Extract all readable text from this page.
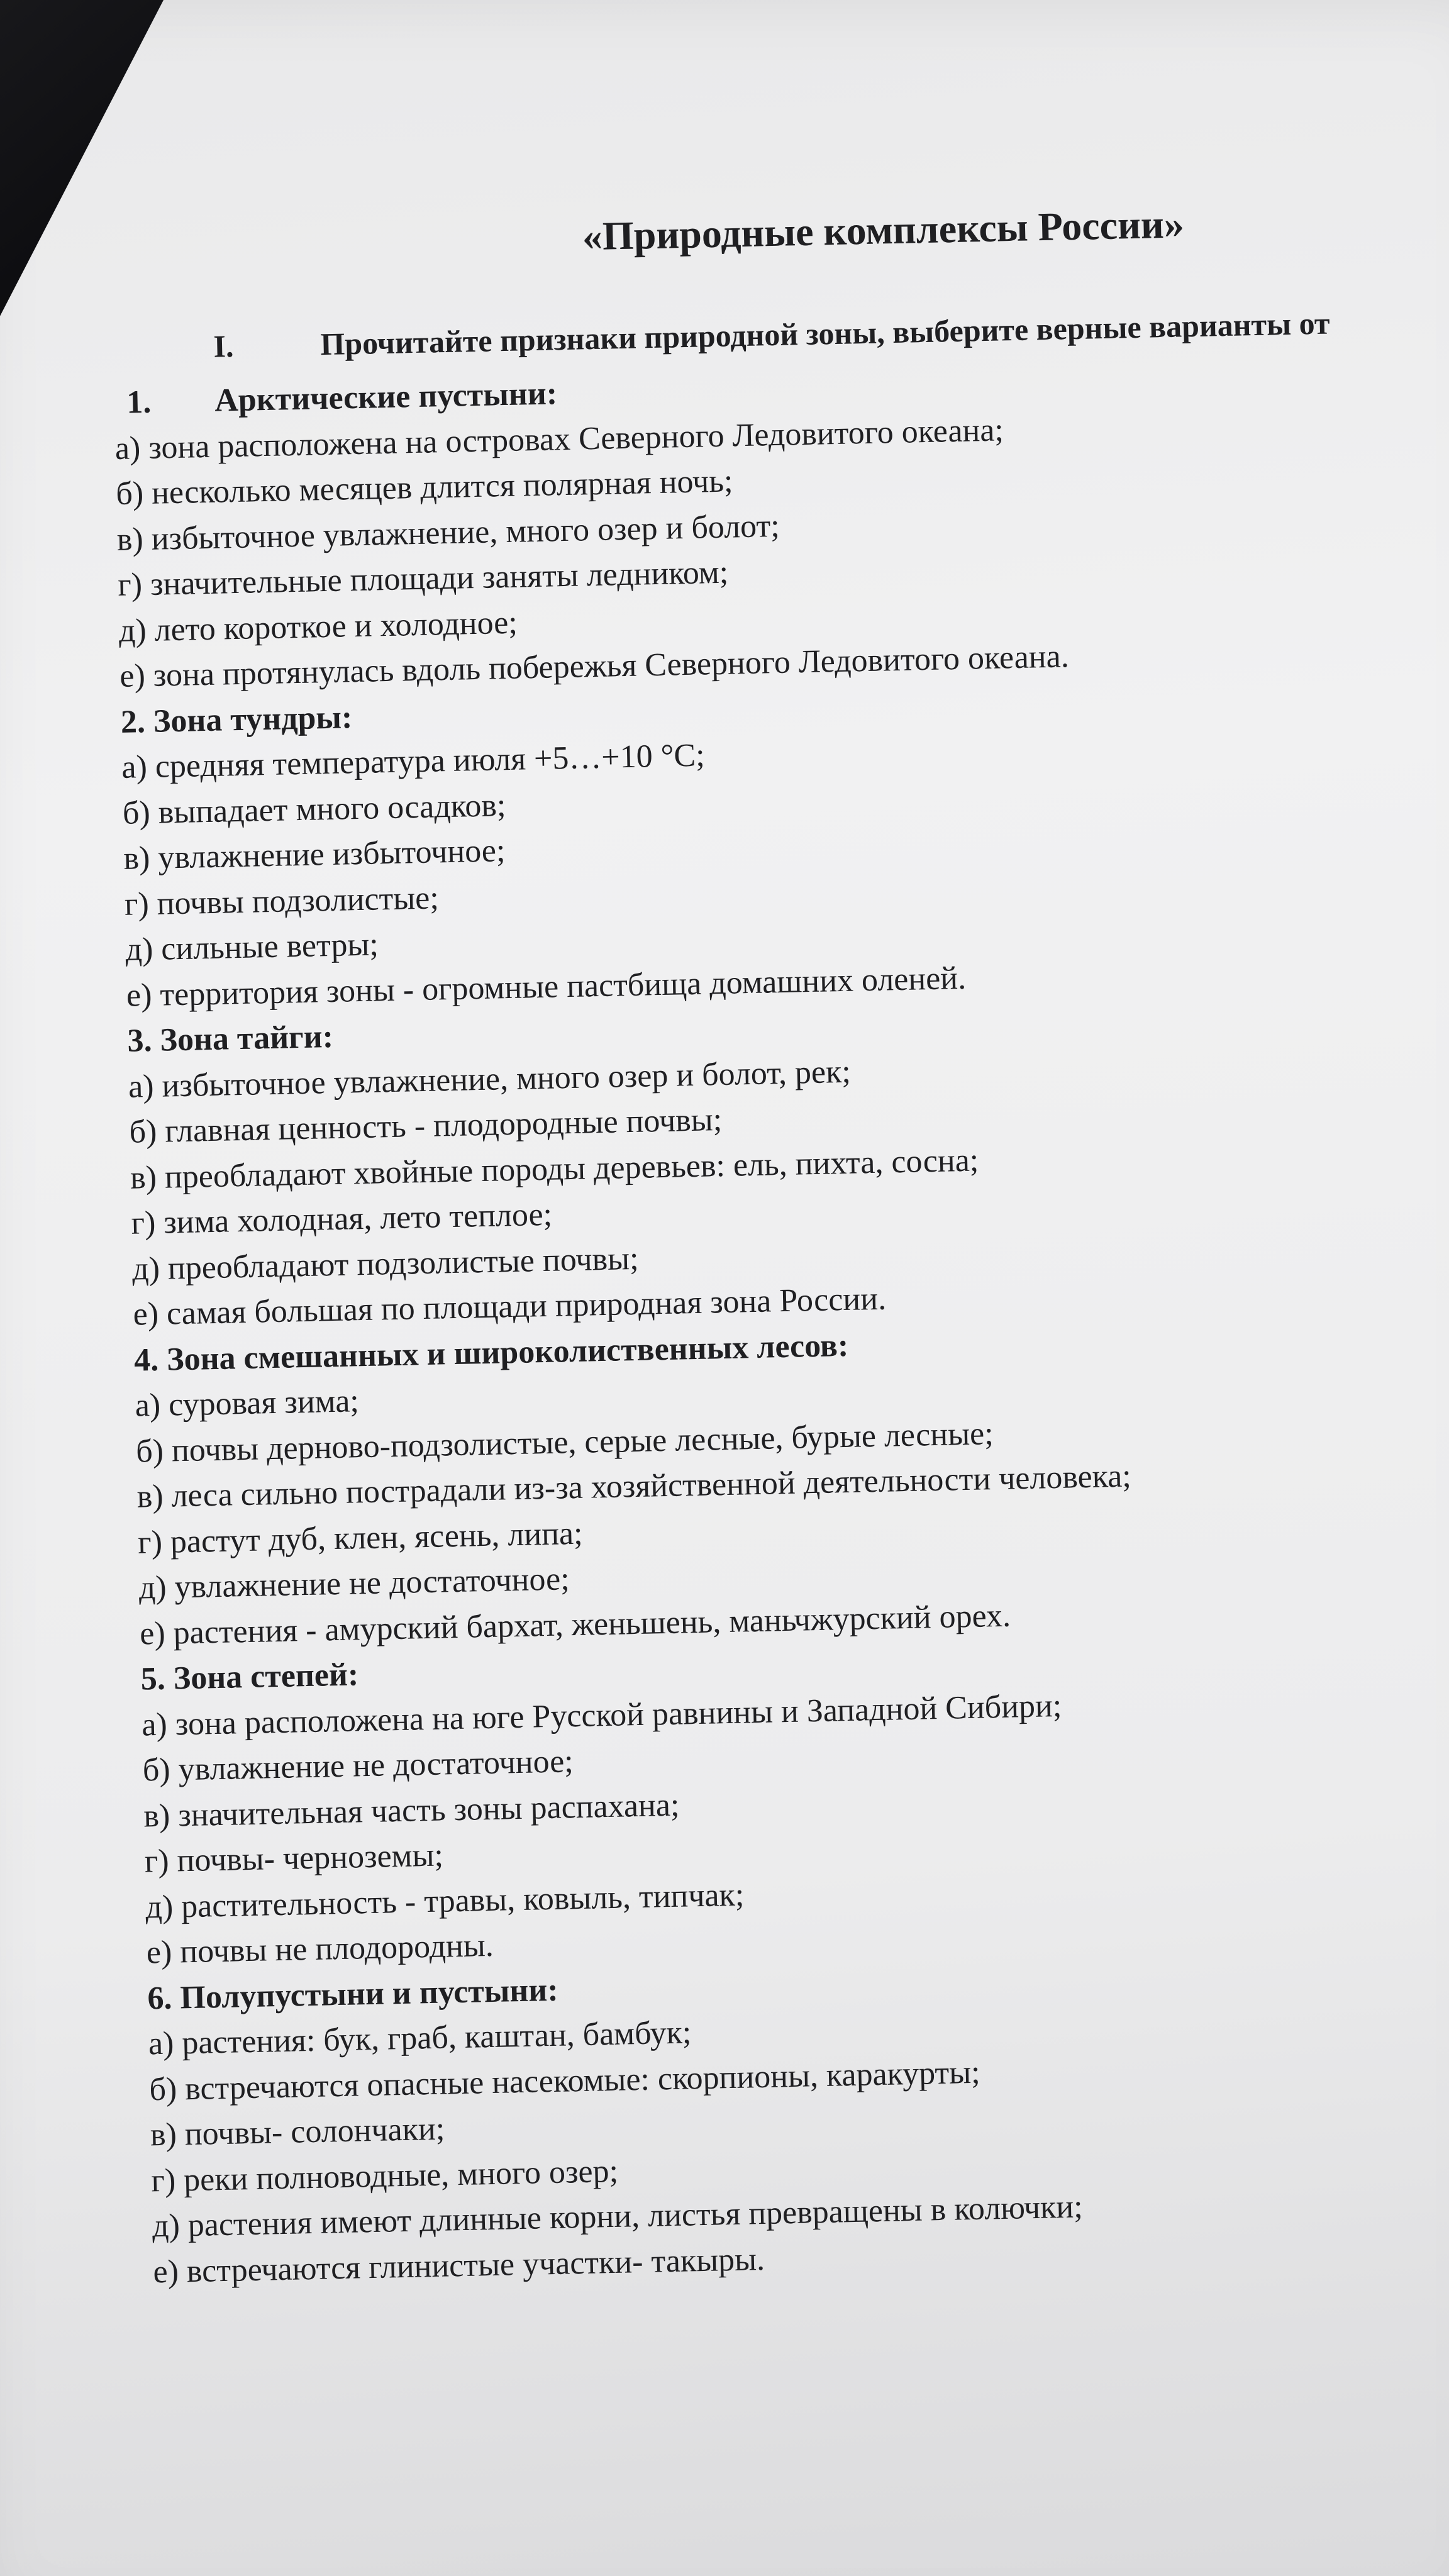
«Природные комплексы России»
I.	Прочитайте признаки природной зоны, выберите верные варианты от
1. Арктические пустыни:
а) зона расположена на островах Северного Ледовитого океана;
б) несколько месяцев длится полярная ночь;
в) избыточное увлажнение, много озер и болот;
г) значительные площади заняты ледником;
д) лето короткое и холодное;
е) зона протянулась вдоль побережья Северного Ледовитого океана.
2. Зона тундры:
а) средняя температура июля +5…+10 °С;
б) выпадает много осадков;
в) увлажнение избыточное;
г) почвы подзолистые;
д) сильные ветры;
е) территория зоны - огромные пастбища домашних оленей.
3. Зона тайги:
а) избыточное увлажнение, много озер и болот, рек;
б) главная ценность - плодородные почвы;
в) преобладают хвойные породы деревьев: ель, пихта, сосна;
г) зима холодная, лето теплое;
д) преобладают подзолистые почвы;
е) самая большая по площади природная зона России.
4. Зона смешанных и широколиственных лесов:
а) суровая зима;
б) почвы дерново-подзолистые, серые лесные, бурые лесные;
в) леса сильно пострадали из-за хозяйственной деятельности человека;
г) растут дуб, клен, ясень, липа;
д) увлажнение не достаточное;
е) растения - амурский бархат, женьшень, маньчжурский орех.
5. Зона степей:
а) зона расположена на юге Русской равнины и Западной Сибири;
б) увлажнение не достаточное;
в) значительная часть зоны распахана;
г) почвы- черноземы;
д) растительность - травы, ковыль, типчак;
е) почвы не плодородны.
6. Полупустыни и пустыни:
а) растения: бук, граб, каштан, бамбук;
б) встречаются опасные насекомые: скорпионы, каракурты;
в) почвы- солончаки;
г) реки полноводные, много озер;
д) растения имеют длинные корни, листья превращены в колючки;
е) встречаются глинистые участки- такыры.
